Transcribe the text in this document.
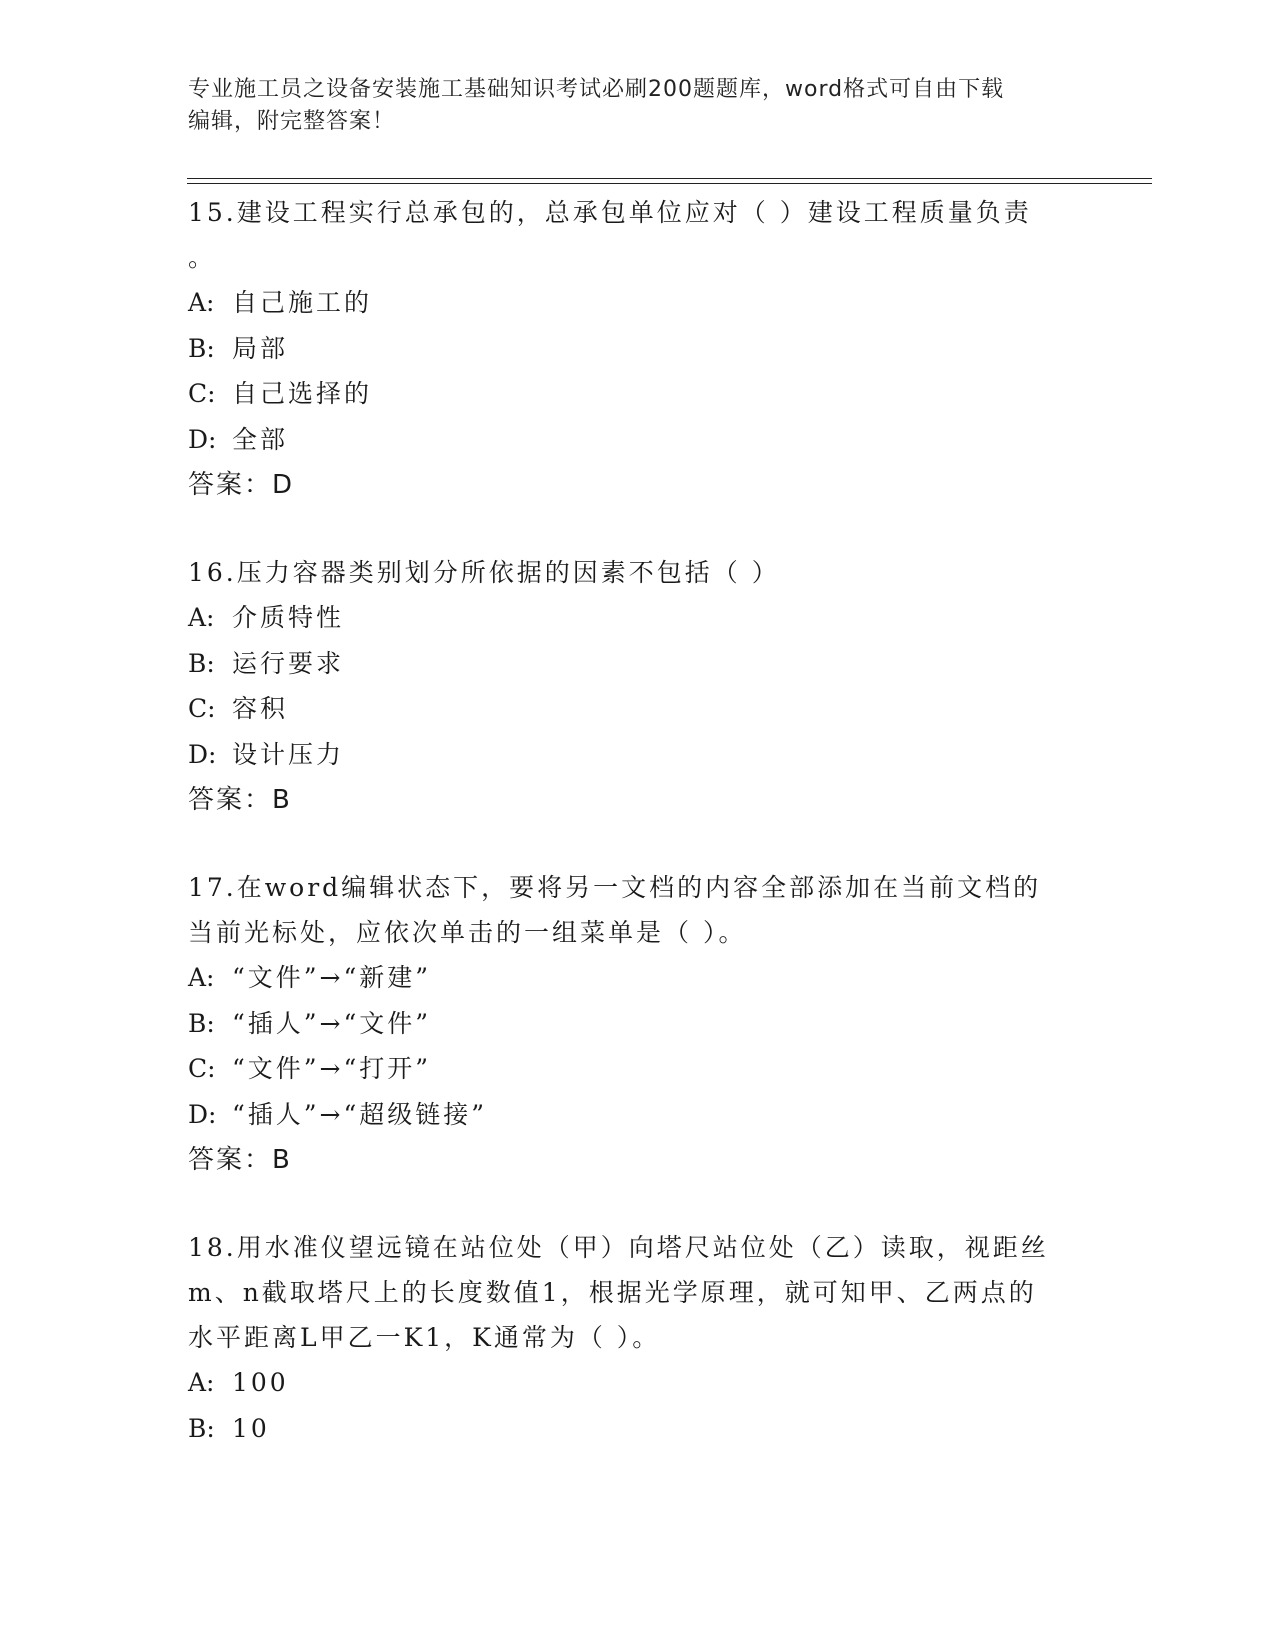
专业施工员之设备安装施工基础知识考试必刷200题题库，word格式可自由下载
编辑，附完整答案！

15.建设工程实行总承包的，总承包单位应对（ ）建设工程质量负责

。

A: 自己施工的

B: 局部

C: 自己选择的

D: 全部

答案：D

16.压力容器类别划分所依据的因素不包括（ ）

A: 介质特性

B: 运行要求

C: 容积

D: 设计压力

答案：B

17.在word编辑状态下，要将另一文档的内容全部添加在当前文档的

当前光标处，应依次单击的一组菜单是（ ）。

A: “文件”→“新建”

B: “插人”→“文件”

C: “文件”→“打开”

D: “插人”→“超级链接”

答案：B

18.用水准仪望远镜在站位处（甲）向塔尺站位处（乙）读取，视距丝

m、n截取塔尺上的长度数值1，根据光学原理，就可知甲、乙两点的

水平距离L甲乙一K1，K通常为（ ）。

A: 100

B: 10
